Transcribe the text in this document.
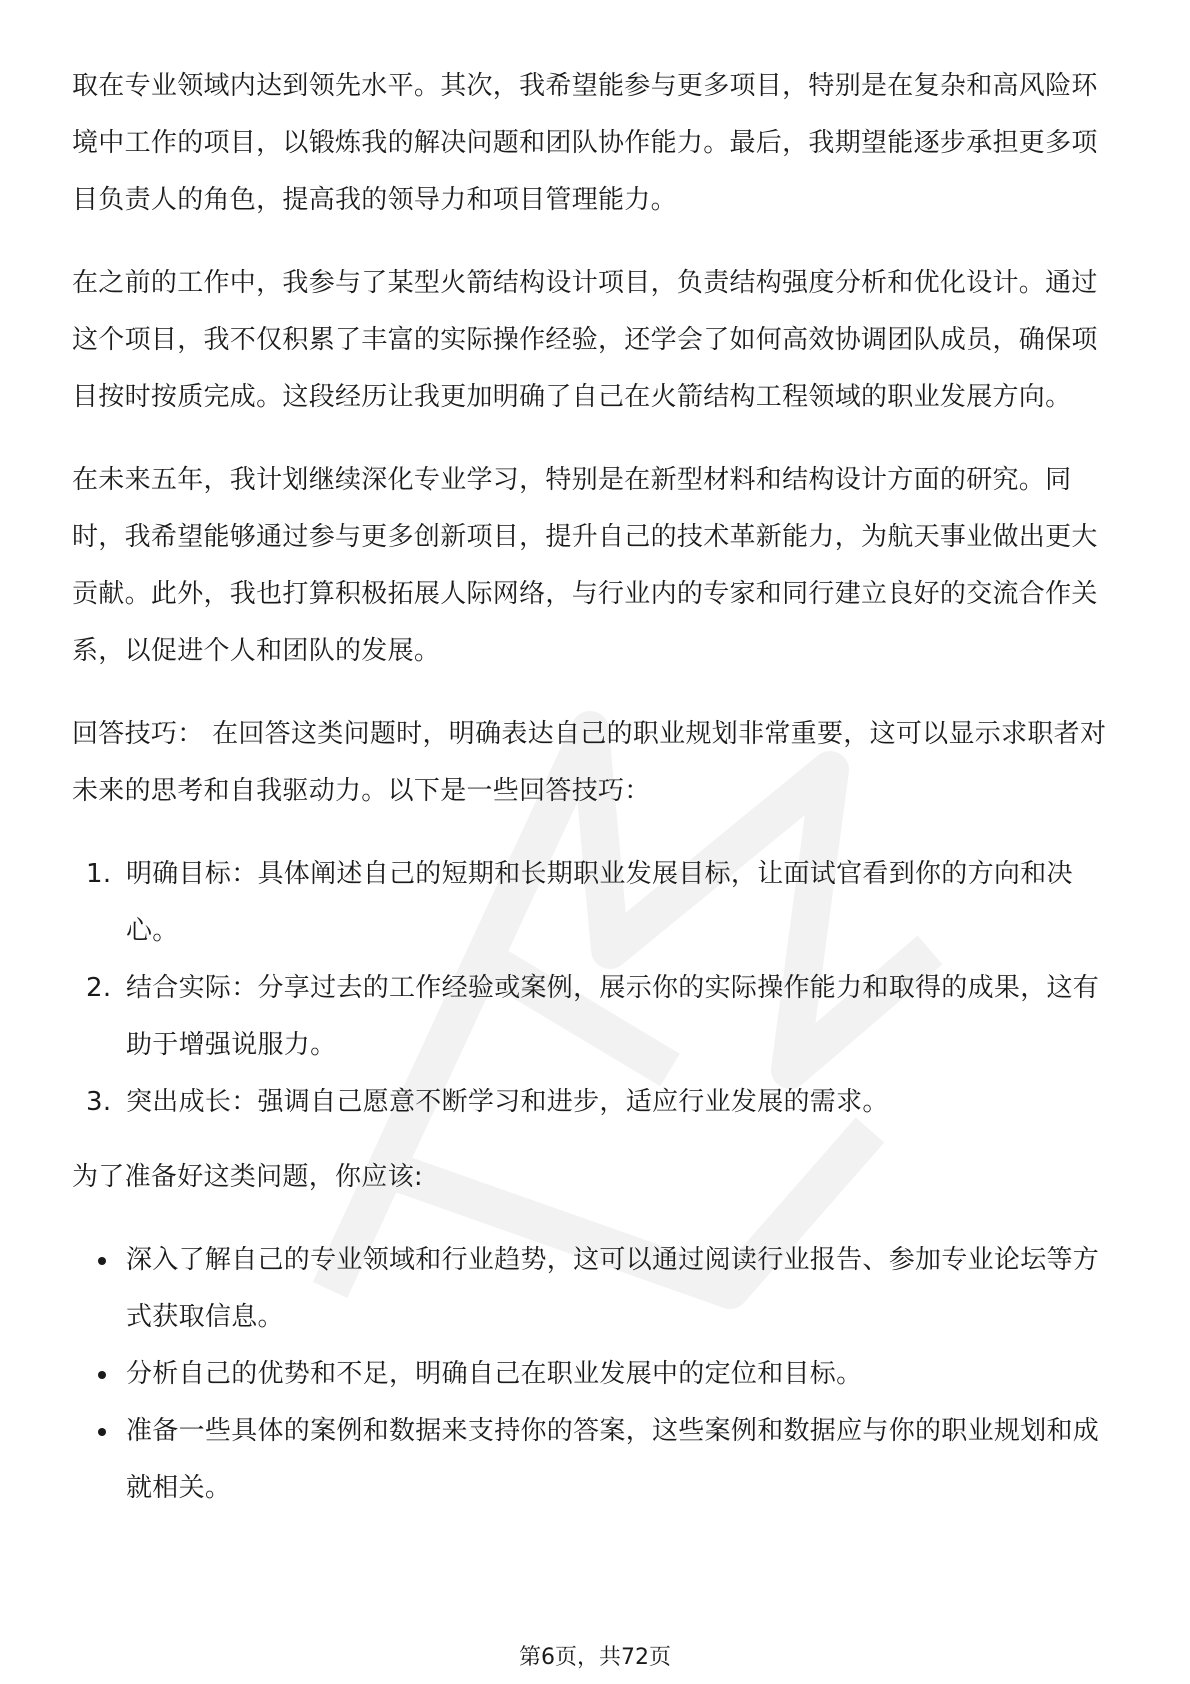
取在专业领域内达到领先水平。其次，我希望能参与更多项目，特别是在复杂和高风险环境中工作的项目，以锻炼我的解决问题和团队协作能力。最后，我期望能逐步承担更多项目负责人的角色，提高我的领导力和项目管理能力。

在之前的工作中，我参与了某型火箭结构设计项目，负责结构强度分析和优化设计。通过这个项目，我不仅积累了丰富的实际操作经验，还学会了如何高效协调团队成员，确保项目按时按质完成。这段经历让我更加明确了自己在火箭结构工程领域的职业发展方向。

在未来五年，我计划继续深化专业学习，特别是在新型材料和结构设计方面的研究。同时，我希望能够通过参与更多创新项目，提升自己的技术革新能力，为航天事业做出更大贡献。此外，我也打算积极拓展人际网络，与行业内的专家和同行建立良好的交流合作关系，以促进个人和团队的发展。

回答技巧： 在回答这类问题时，明确表达自己的职业规划非常重要，这可以显示求职者对未来的思考和自我驱动力。以下是一些回答技巧：

1. 明确目标：具体阐述自己的短期和长期职业发展目标，让面试官看到你的方向和决心。
2. 结合实际：分享过去的工作经验或案例，展示你的实际操作能力和取得的成果，这有助于增强说服力。
3. 突出成长：强调自己愿意不断学习和进步，适应行业发展的需求。

为了准备好这类问题，你应该:

深入了解自己的专业领域和行业趋势，这可以通过阅读行业报告、参加专业论坛等方式获取信息。
分析自己的优势和不足，明确自己在职业发展中的定位和目标。
准备一些具体的案例和数据来支持你的答案，这些案例和数据应与你的职业规划和成就相关。
第6页，共72页
